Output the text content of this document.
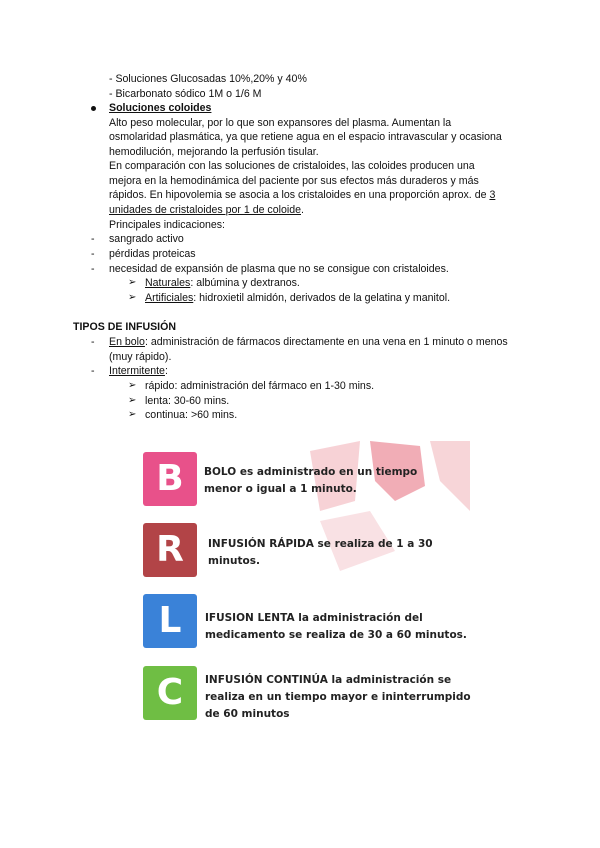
- Soluciones Glucosadas 10%,20% y 40%
- Bicarbonato sódico 1M o 1/6 M
Soluciones coloides
Alto peso molecular, por lo que son expansores del plasma. Aumentan la
osmolaridad plasmática, ya que retiene agua en el espacio intravascular y ocasiona
hemodilución, mejorando la perfusión tisular.
En comparación con las soluciones de cristaloides, las coloides producen una
mejora en la hemodinámica del paciente por sus efectos más duraderos y más
rápidos. En hipovolemia se asocia a los cristaloides en una proporción aprox. de 3
unidades de cristaloides por 1 de coloide.
Principales indicaciones:
- sangrado activo
- pérdidas proteicas
- necesidad de expansión de plasma que no se consigue con cristaloides.
➢ Naturales: albúmina y dextranos.
➢ Artificiales: hidroxietil almidón, derivados de la gelatina y manitol.
TIPOS DE INFUSIÓN
- En bolo: administración de fármacos directamente en una vena en 1 minuto o menos
(muy rápido).
- Intermitente:
➢ rápido: administración del fármaco en 1-30 mins.
➢ lenta: 30-60 mins.
➢ continua: >60 mins.
B	BOLO es administrado en un tiempo
menor o igual a 1 minuto.
R	INFUSIÓN RÁPIDA se realiza de 1 a 30
minutos.
L	IFUSION LENTA la administración del
medicamento se realiza de 30 a 60 minutos.
C	INFUSIÓN CONTINÚA la administración se
realiza en un tiempo mayor e ininterrumpido
de 60 minutos
